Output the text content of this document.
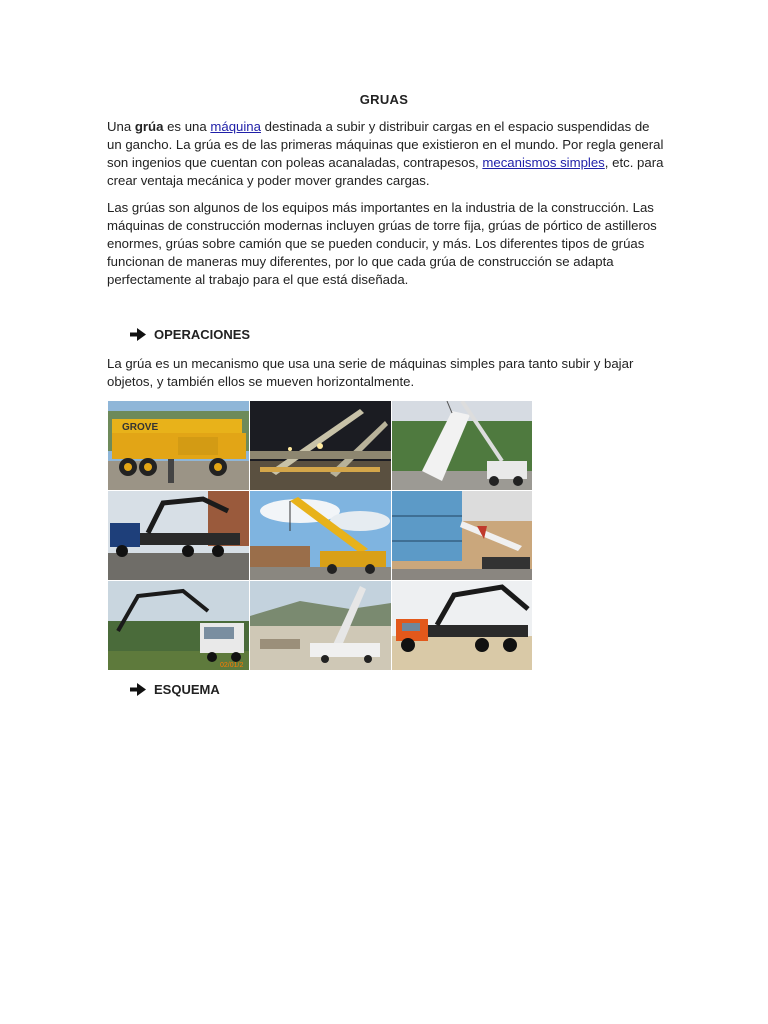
GRUAS

Una grúa es una máquina destinada a subir y distribuir cargas en el espacio suspendidas de un gancho. La grúa es de las primeras máquinas que existieron en el mundo. Por regla general son ingenios que cuentan con poleas acanaladas, contrapesos, mecanismos simples, etc. para crear ventaja mecánica y poder mover grandes cargas.

Las grúas son algunos de los equipos más importantes en la industria de la construcción. Las máquinas de construcción modernas incluyen grúas de torre fija, grúas de pórtico de astilleros enormes, grúas sobre camión que se pueden conducir, y más. Los diferentes tipos de grúas funcionan de maneras muy diferentes, por lo que cada grúa de construcción se adapta perfectamente al trabajo para el que está diseñada.

OPERACIONES

La grúa es un mecanismo que usa una serie de máquinas simples para tanto subir y bajar objetos, y también ellos se mueven horizontalmente.

GROVE
02/01/2
ESQUEMA
